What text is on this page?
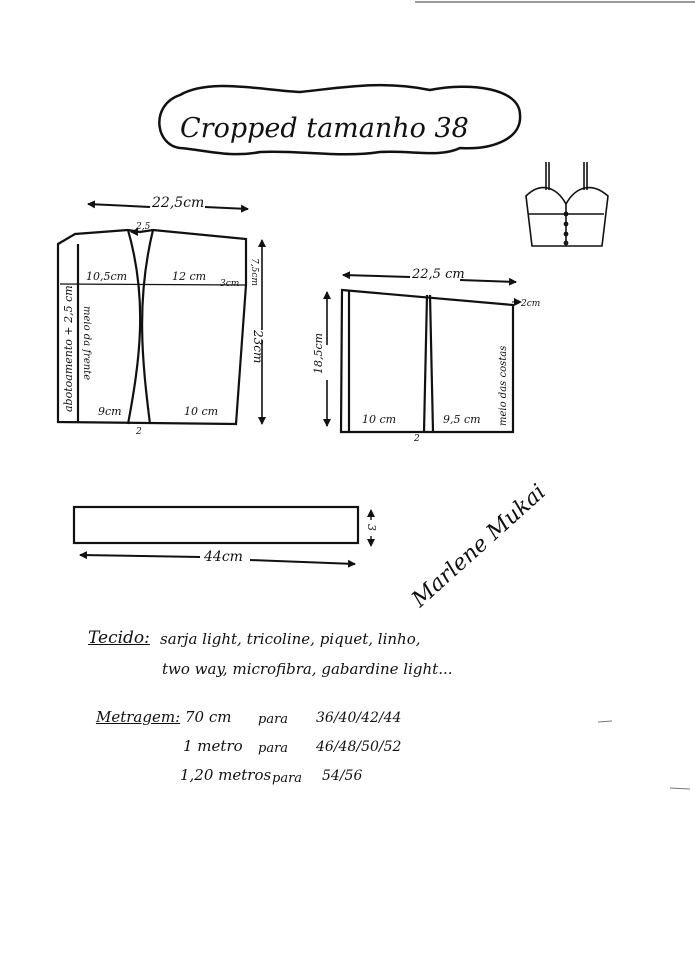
Cropped tamanho 38
22,5cm
2,5
10,5cm	12 cm
3cm 7,5cm
23cm
abotoamento + 2,5 cm meio da frente
9cm	10 cm
2
22,5 cm
2cm
18,5cm	meio das costas
10 cm	9,5 cm
2
3
44cm	Marlene Mukai
Tecido: sarja light, tricoline, piquet, linho,
two way, microfibra, gabardine light...
Metragem: 70 cm para 36/40/42/44
1 metro para 46/48/50/52
1,20 metros para 54/56
